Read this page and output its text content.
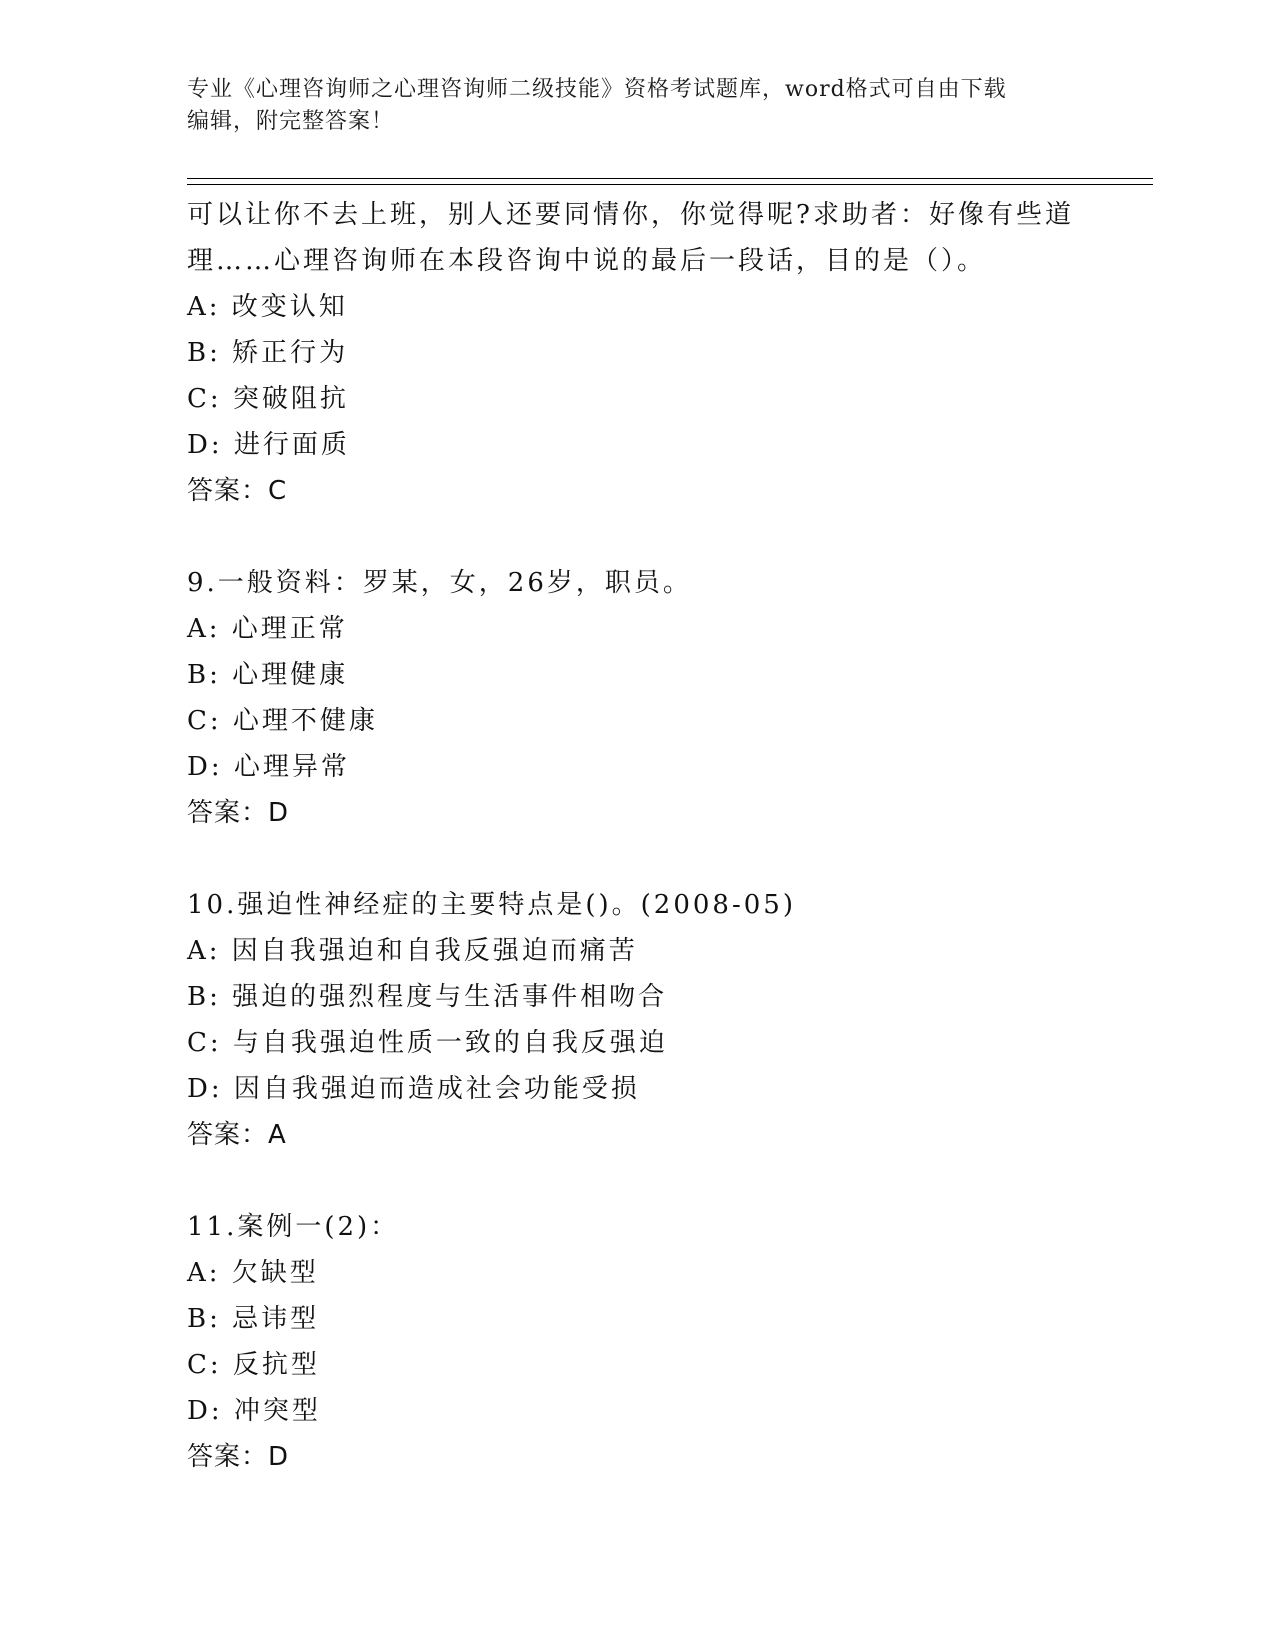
专业《心理咨询师之心理咨询师二级技能》资格考试题库，word格式可自由下载
编辑，附完整答案！
可以让你不去上班，别人还要同情你，你觉得呢?求助者：好像有些道
理……心理咨询师在本段咨询中说的最后一段话，目的是（）。
A: 改变认知
B: 矫正行为
C: 突破阻抗
D: 进行面质
答案：C
9.一般资料：罗某，女，26岁，职员。
A: 心理正常
B: 心理健康
C: 心理不健康
D: 心理异常
答案：D
10.强迫性神经症的主要特点是()。(2008-05)
A: 因自我强迫和自我反强迫而痛苦
B: 强迫的强烈程度与生活事件相吻合
C: 与自我强迫性质一致的自我反强迫
D: 因自我强迫而造成社会功能受损
答案：A
11.案例一(2)：
A: 欠缺型
B: 忌讳型
C: 反抗型
D: 冲突型
答案：D
